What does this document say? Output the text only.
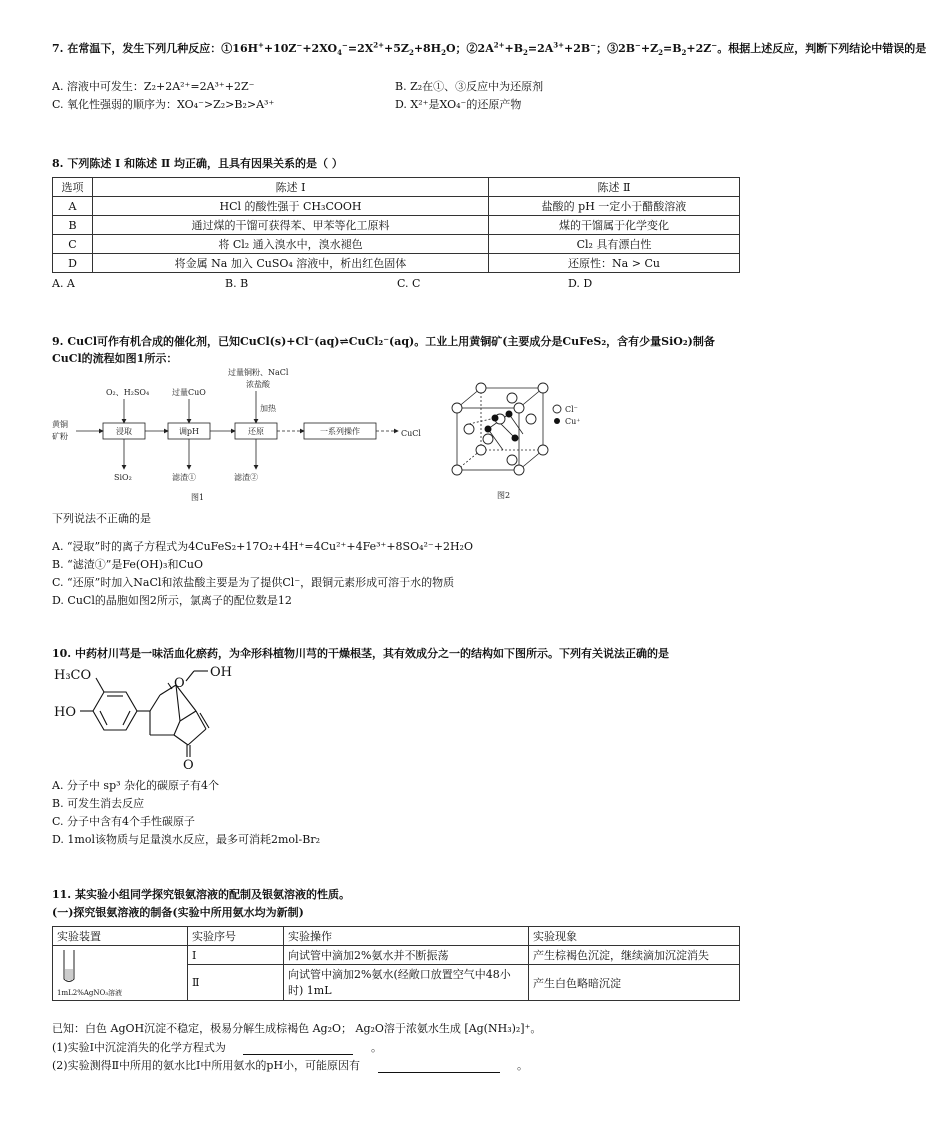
7. 在常温下，发生下列几种反应：$①16H^++10Z^-+2XO_4^-=2X^{2+}+5Z_2+8H_2O$；$②2A^{2+}+B_2=2A^{3+}+2B^-$；$③2B^-+Z_2=B_2+2Z^-$。根据上述反应，判断下列结论中错误的是
A. 溶液中可发生：Z₂+2A²⁺=2A³⁺+2Z⁻	B. Z₂在①、③反应中为还原剂
C. 氧化性强弱的顺序为：XO₄⁻>Z₂>B₂>A³⁺	D. X²⁺是XO₄⁻的还原产物
8. 下列陈述 Ⅰ 和陈述 Ⅱ 均正确，且具有因果关系的是（ ）
选项	陈述 Ⅰ	陈述 Ⅱ
A	HCl 的酸性强于 CH₃COOH	盐酸的 pH 一定小于醋酸溶液
B	通过煤的干馏可获得苯、甲苯等化工原料	煤的干馏属于化学变化
C	将 Cl₂ 通入溴水中，溴水褪色	Cl₂ 具有漂白性
D	将金属 Na 加入 CuSO₄ 溶液中，析出红色固体	还原性：Na > Cu
A. A	B. B	C. C	D. D
9. CuCl可作有机合成的催化剂，已知CuCl(s)+Cl⁻(aq)⇌CuCl₂⁻(aq)。工业上用黄铜矿(主要成分是CuFeS₂，含有少量SiO₂)制备
CuCl的流程如图1所示：
黄铜
矿粉
O₂、H₂SO₄	过量CuO
过量铜粉、NaCl
浓盐酸
加热
CuCl
SiO₂	滤渣①	滤渣②
图1
浸取	调pH	还原	一系列操作
Cl⁻
Cu⁺
图2
下列说法不正确的是
A. “浸取”时的离子方程式为4CuFeS₂+17O₂+4H⁺=4Cu²⁺+4Fe³⁺+8SO₄²⁻+2H₂O
B. “滤渣①”是Fe(OH)₃和CuO
C. “还原”时加入NaCl和浓盐酸主要是为了提供Cl⁻，跟铜元素形成可溶于水的物质
D. CuCl的晶胞如图2所示，氯离子的配位数是12
10. 中药材川芎是一味活血化瘀药，为伞形科植物川芎的干燥根茎，其有效成分之一的结构如下图所示。下列有关说法正确的是
H₃CO
HO
O
OH
O
A. 分子中 sp³ 杂化的碳原子有4个
B. 可发生消去反应
C. 分子中含有4个手性碳原子
D. 1mol该物质与足量溴水反应，最多可消耗2mol-Br₂
11. 某实验小组同学探究银氨溶液的配制及银氨溶液的性质。
(一)探究银氨溶液的制备(实验中所用氨水均为新制)
实验装置	实验序号	实验操作	实验现象

1mL2%AgNO₃溶液	Ⅰ	向试管中滴加2%氨水并不断振荡	产生棕褐色沉淀，继续滴加沉淀消失
	Ⅱ	向试管中滴加2%氨水(经敞口放置空气中48小时) 1mL	产生白色略暗沉淀
已知：白色 AgOH沉淀不稳定，极易分解生成棕褐色 Ag₂O； Ag₂O溶于浓氨水生成 [Ag(NH₃)₂]⁺。
(1)实验Ⅰ中沉淀消失的化学方程式为	。
(2)实验测得Ⅱ中所用的氨水比Ⅰ中所用氨水的pH小，可能原因有	。
